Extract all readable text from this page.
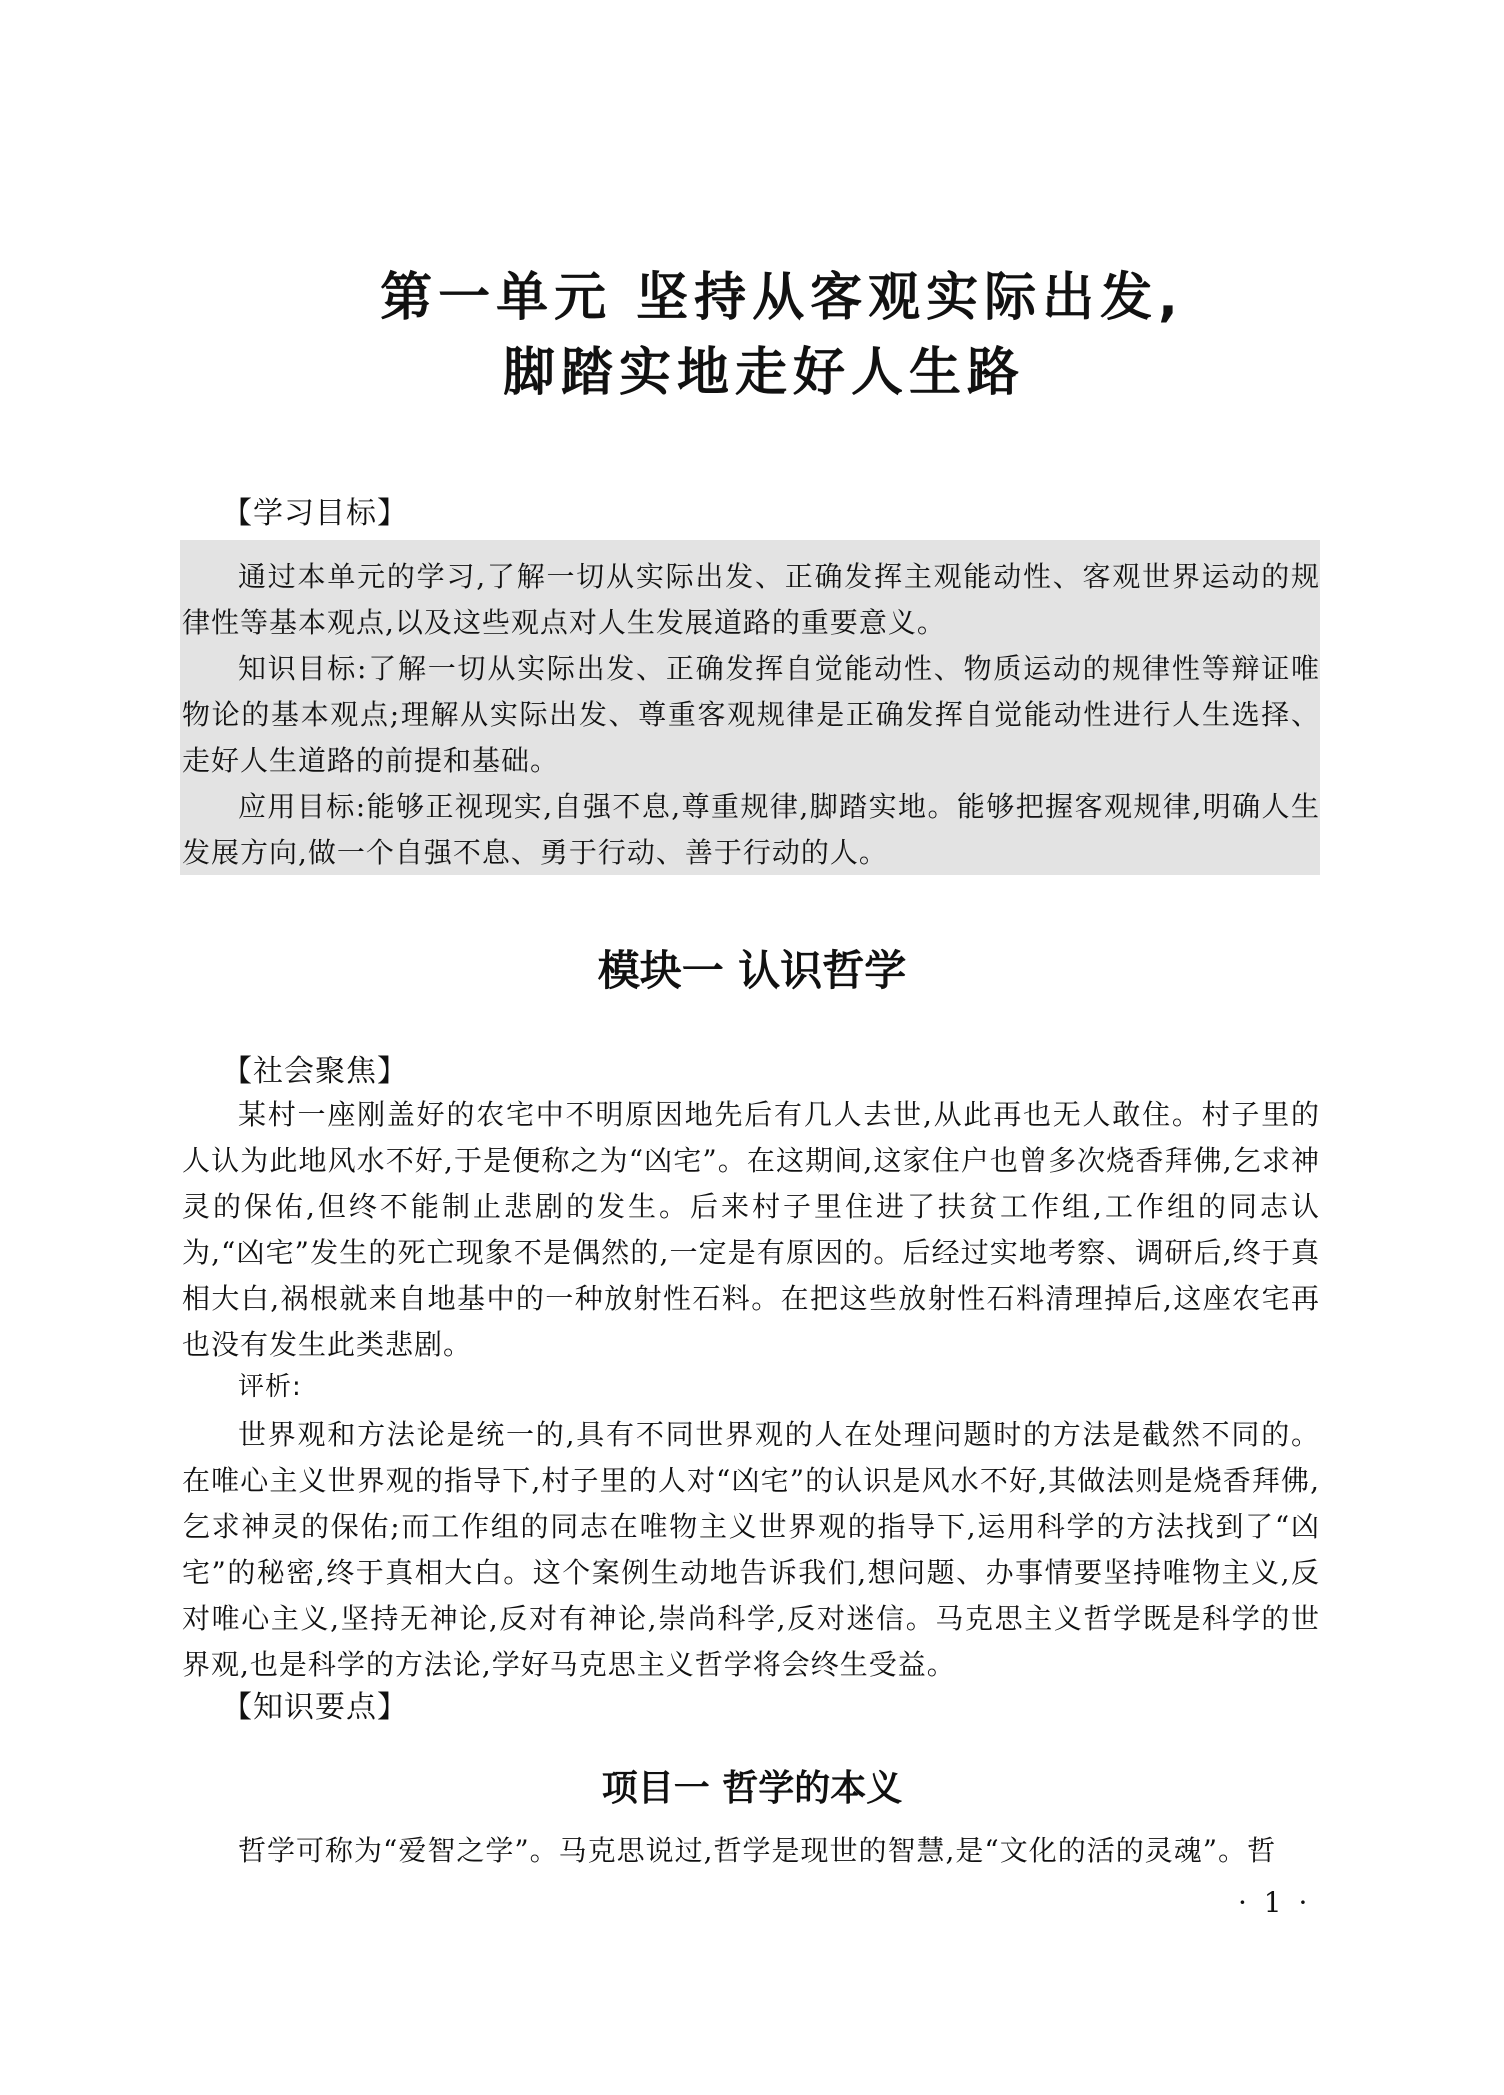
第一单元 坚持从客观实际出发,
脚踏实地走好人生路
【学习目标】

通过本单元的学习,了解一切从实际出发、正确发挥主观能动性、客观世界运动的规律性等基本观点,以及这些观点对人生发展道路的重要意义。

知识目标:了解一切从实际出发、正确发挥自觉能动性、物质运动的规律性等辩证唯物论的基本观点;理解从实际出发、尊重客观规律是正确发挥自觉能动性进行人生选择、走好人生道路的前提和基础。

应用目标:能够正视现实,自强不息,尊重规律,脚踏实地。能够把握客观规律,明确人生发展方向,做一个自强不息、勇于行动、善于行动的人。

模块一 认识哲学
【社会聚焦】

某村一座刚盖好的农宅中不明原因地先后有几人去世,从此再也无人敢住。村子里的人认为此地风水不好,于是便称之为“凶宅”。在这期间,这家住户也曾多次烧香拜佛,乞求神灵的保佑,但终不能制止悲剧的发生。后来村子里住进了扶贫工作组,工作组的同志认为,“凶宅”发生的死亡现象不是偶然的,一定是有原因的。后经过实地考察、调研后,终于真相大白,祸根就来自地基中的一种放射性石料。在把这些放射性石料清理掉后,这座农宅再也没有发生此类悲剧。

评析:

世界观和方法论是统一的,具有不同世界观的人在处理问题时的方法是截然不同的。在唯心主义世界观的指导下,村子里的人对“凶宅”的认识是风水不好,其做法则是烧香拜佛,乞求神灵的保佑;而工作组的同志在唯物主义世界观的指导下,运用科学的方法找到了“凶宅”的秘密,终于真相大白。这个案例生动地告诉我们,想问题、办事情要坚持唯物主义,反对唯心主义,坚持无神论,反对有神论,崇尚科学,反对迷信。马克思主义哲学既是科学的世界观,也是科学的方法论,学好马克思主义哲学将会终生受益。

【知识要点】
项目一 哲学的本义

哲学可称为“爱智之学”。马克思说过,哲学是现世的智慧,是“文化的活的灵魂”。哲

· 1 ·
